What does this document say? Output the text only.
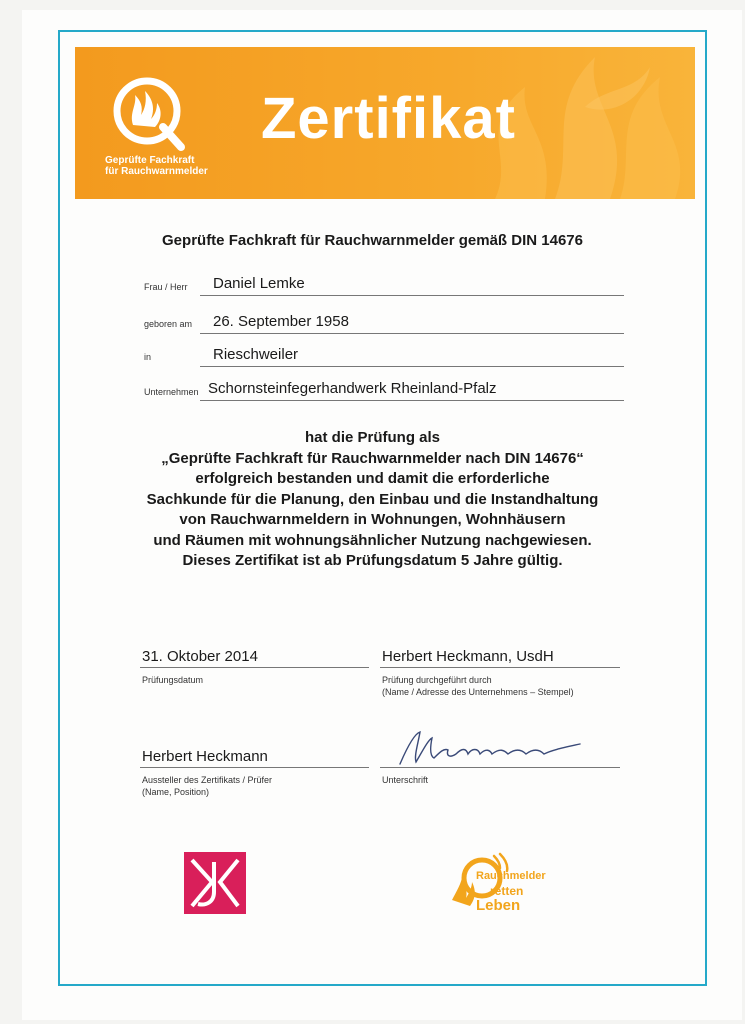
Geprüfte Fachkraft
für Rauchwarnmelder
Zertifikat
Geprüfte Fachkraft für Rauchwarnmelder gemäß DIN 14676
Frau / Herr Daniel Lemke
geboren am 26. September 1958
in	Rieschweiler
Unternehmen Schornsteinfegerhandwerk Rheinland-Pfalz
hat die Prüfung als
„Geprüfte Fachkraft für Rauchwarnmelder nach DIN 14676“
erfolgreich bestanden und damit die erforderliche
Sachkunde für die Planung, den Einbau und die Instandhaltung
von Rauchwarnmeldern in Wohnungen, Wohnhäusern
und Räumen mit wohnungsähnlicher Nutzung nachgewiesen.
Dieses Zertifikat ist ab Prüfungsdatum 5 Jahre gültig.
31. Oktober 2014
Prüfungsdatum
Herbert Heckmann, UsdH
Prüfung durchgeführt durch
(Name / Adresse des Unternehmens – Stempel)
Herbert Heckmann
Aussteller des Zertifikats / Prüfer
(Name, Position)
Unterschrift
Rauchmelder
retten
Leben
